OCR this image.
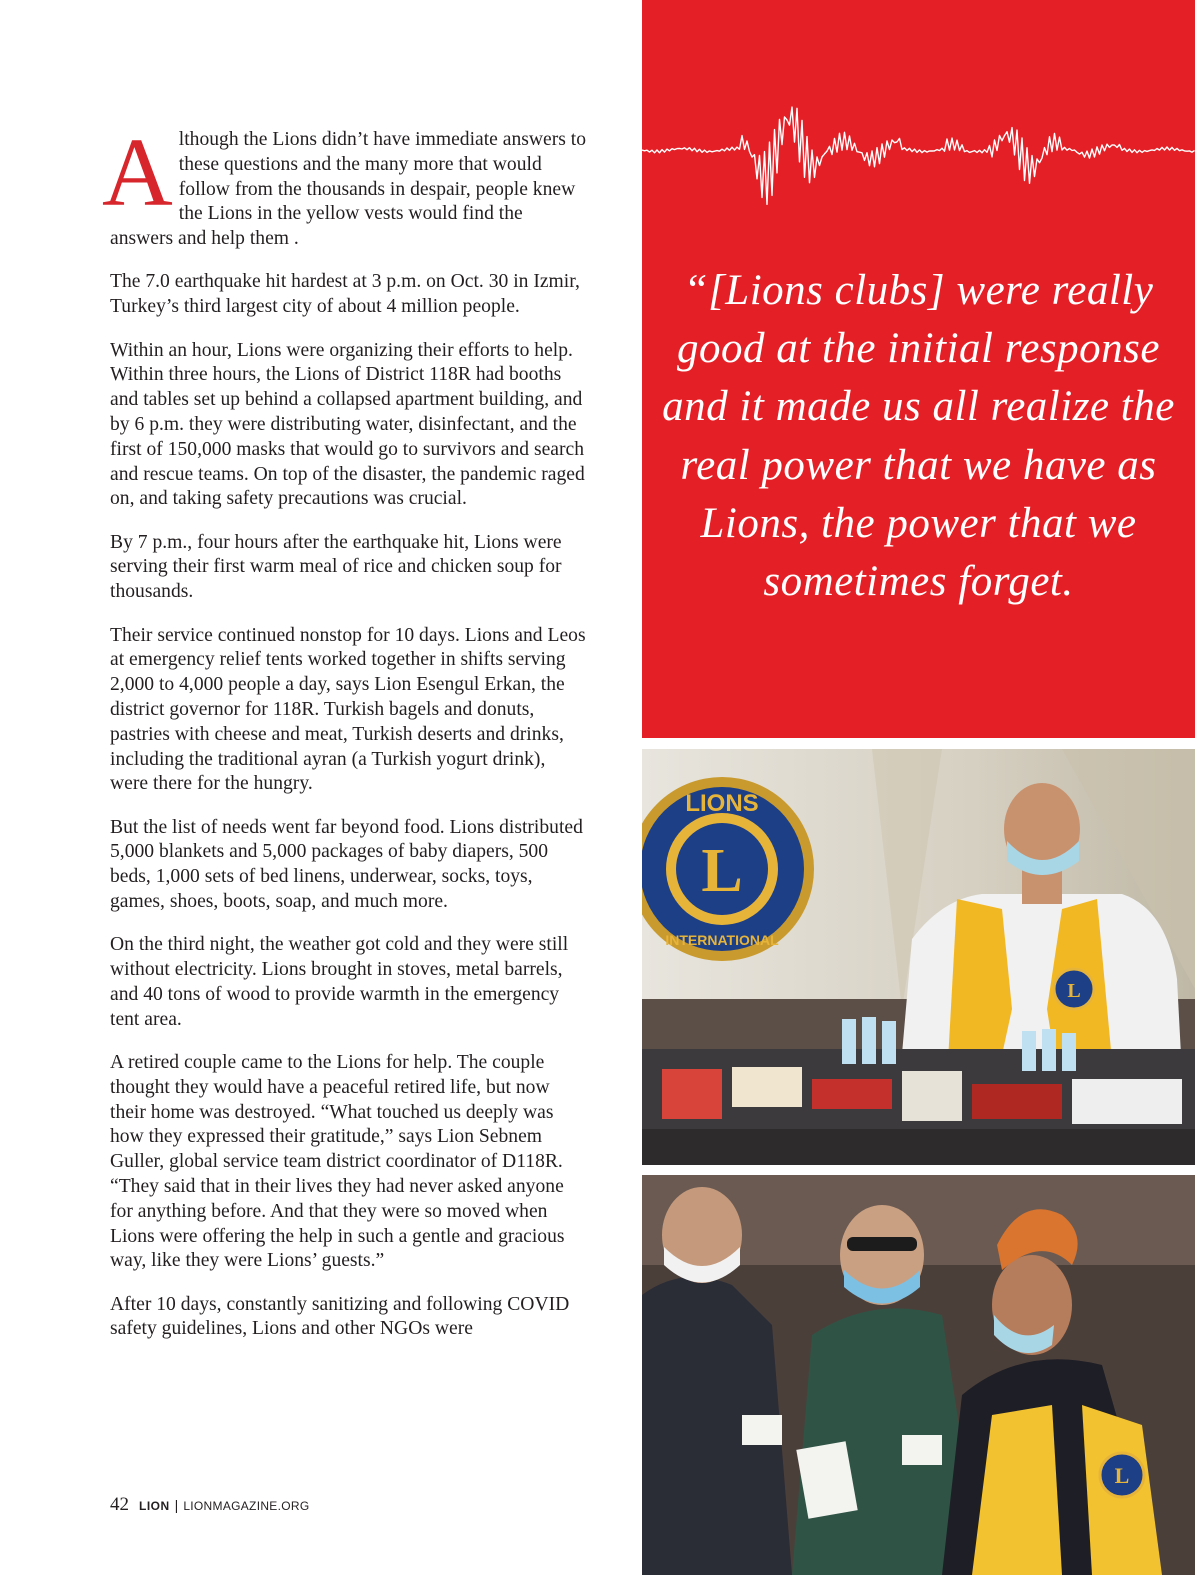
Although the Lions didn’t have immediate answers to these questions and the many more that would follow from the thousands in despair, people knew the Lions in the yellow vests would find the answers and help them .

The 7.0 earthquake hit hardest at 3 p.m. on Oct. 30 in Izmir, Turkey’s third largest city of about 4 million people.

Within an hour, Lions were organizing their efforts to help. Within three hours, the Lions of District 118R had booths and tables set up behind a collapsed apartment building, and by 6 p.m. they were distributing water, disinfectant, and the first of 150,000 masks that would go to survivors and search and rescue teams. On top of the disaster, the pandemic raged on, and taking safety precautions was crucial.

By 7 p.m., four hours after the earthquake hit, Lions were serving their first warm meal of rice and chicken soup for thousands.

Their service continued nonstop for 10 days. Lions and Leos at emergency relief tents worked together in shifts serving 2,000 to 4,000 people a day, says Lion Esengul Erkan, the district governor for 118R. Turkish bagels and donuts, pastries with cheese and meat, Turkish deserts and drinks, including the traditional ayran (a Turkish yogurt drink), were there for the hungry.

But the list of needs went far beyond food. Lions distributed 5,000 blankets and 5,000 packages of baby diapers, 500 beds, 1,000 sets of bed linens, underwear, socks, toys, games, shoes, boots, soap, and much more.

On the third night, the weather got cold and they were still without electricity. Lions brought in stoves, metal barrels, and 40 tons of wood to provide warmth in the emergency tent area.

A retired couple came to the Lions for help. The couple thought they would have a peaceful retired life, but now their home was destroyed. “What touched us deeply was how they expressed their gratitude,” says Lion Sebnem Guller, global service team district coordinator of D118R. “They said that in their lives they had never asked anyone for anything before. And that they were so moved when Lions were offering the help in such a gentle and gracious way, like they were Lions’ guests.”

After 10 days, constantly sanitizing and following COVID safety guidelines, Lions and other NGOs were

42 LION | LIONMAGAZINE.ORG
“[Lions clubs] were really good at the initial response and it made us all realize the real power that we have as Lions, the power that we sometimes forget.
L
LIONS
INTERNATIONAL
L
L
